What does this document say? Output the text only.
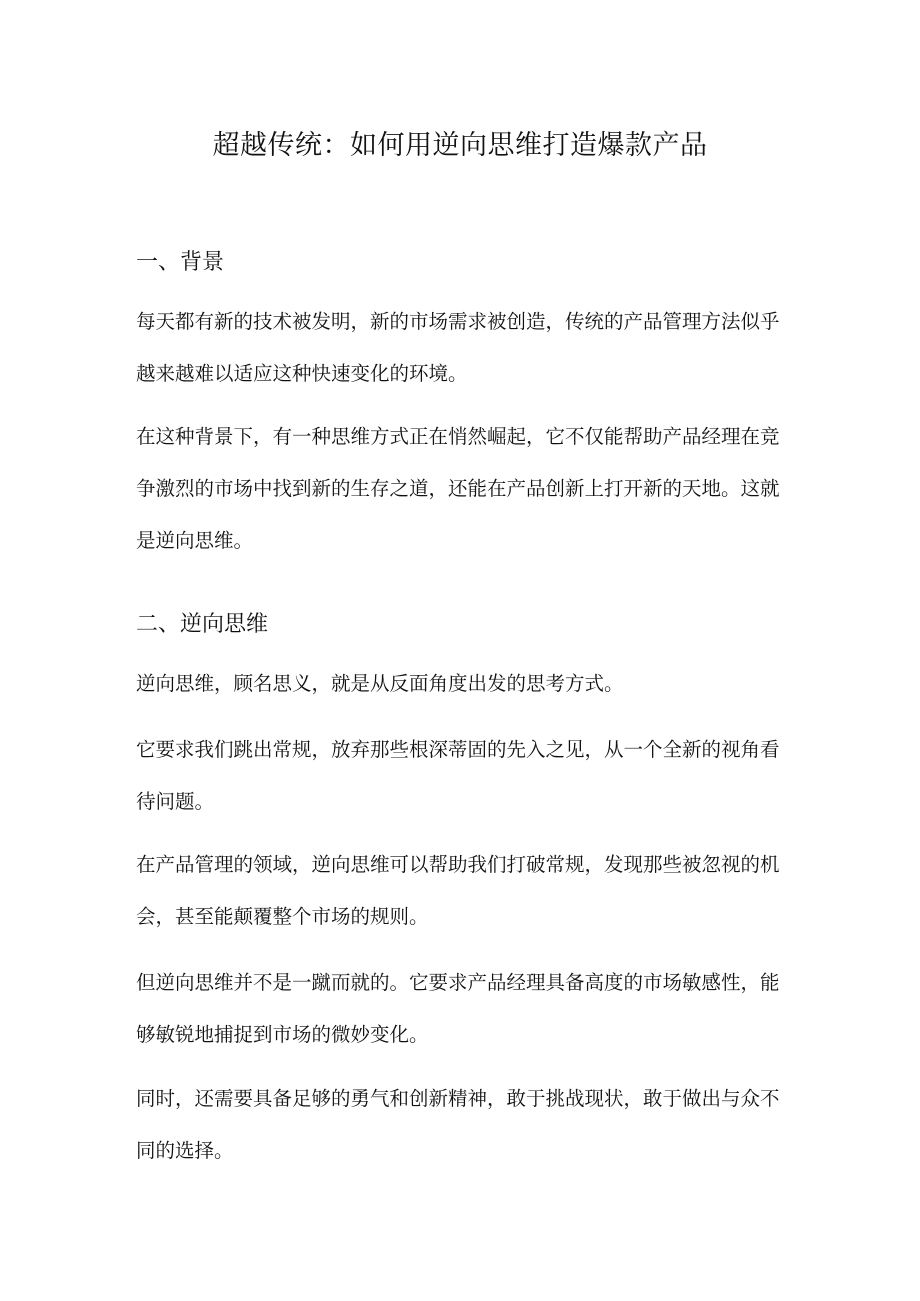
超越传统：如何用逆向思维打造爆款产品
一、背景

每天都有新的技术被发明，新的市场需求被创造，传统的产品管理方法似乎越来越难以适应这种快速变化的环境。

在这种背景下，有一种思维方式正在悄然崛起，它不仅能帮助产品经理在竞争激烈的市场中找到新的生存之道，还能在产品创新上打开新的天地。这就是逆向思维。

二、逆向思维

逆向思维，顾名思义，就是从反面角度出发的思考方式。

它要求我们跳出常规，放弃那些根深蒂固的先入之见，从一个全新的视角看待问题。

在产品管理的领域，逆向思维可以帮助我们打破常规，发现那些被忽视的机会，甚至能颠覆整个市场的规则。

但逆向思维并不是一蹴而就的。它要求产品经理具备高度的市场敏感性，能够敏锐地捕捉到市场的微妙变化。

同时，还需要具备足够的勇气和创新精神，敢于挑战现状，敢于做出与众不同的选择。
